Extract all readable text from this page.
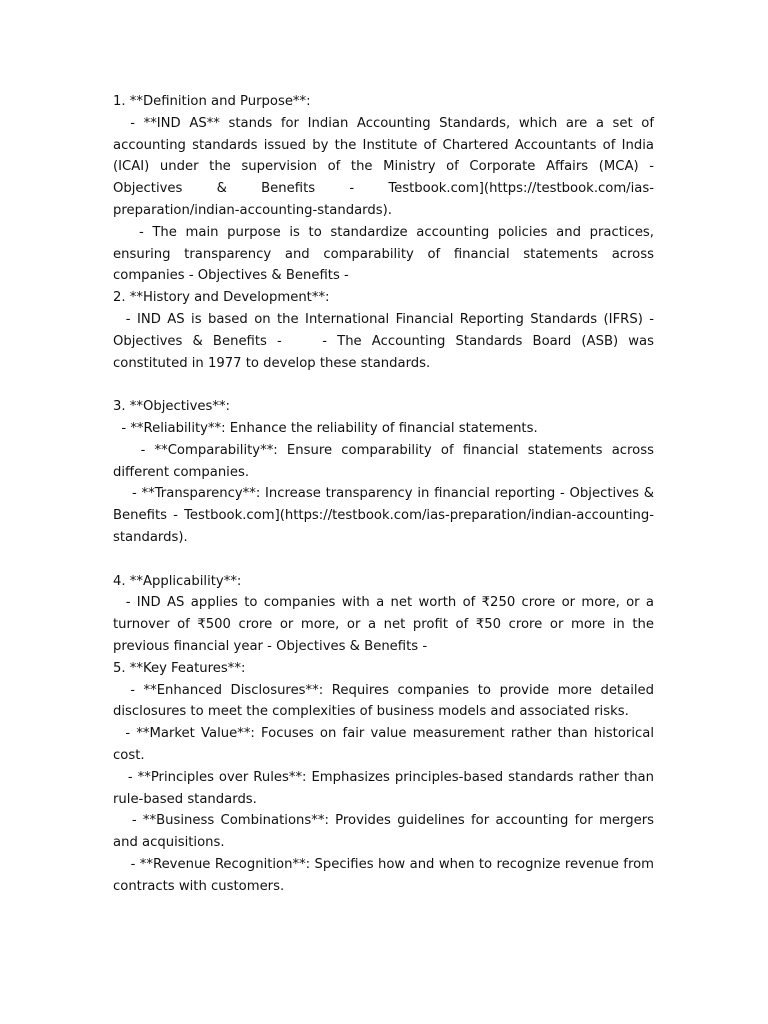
1. **Definition and Purpose**:
- **IND AS** stands for Indian Accounting Standards, which are a set of accounting standards issued by the Institute of Chartered Accountants of India (ICAI) under the supervision of the Ministry of Corporate Affairs (MCA) - Objectives & Benefits - Testbook.com](https://testbook.com/ias-preparation/indian-accounting-standards).
- The main purpose is to standardize accounting policies and practices, ensuring transparency and comparability of financial statements across companies - Objectives & Benefits -
2. **History and Development**:
- IND AS is based on the International Financial Reporting Standards (IFRS) - Objectives & Benefits -    - The Accounting Standards Board (ASB) was constituted in 1977 to develop these standards.
3. **Objectives**:
- **Reliability**: Enhance the reliability of financial statements.
- **Comparability**: Ensure comparability of financial statements across different companies.
- **Transparency**: Increase transparency in financial reporting - Objectives & Benefits - Testbook.com](https://testbook.com/ias-preparation/indian-accounting-standards).
4. **Applicability**:
- IND AS applies to companies with a net worth of ₹250 crore or more, or a turnover of ₹500 crore or more, or a net profit of ₹50 crore or more in the previous financial year - Objectives & Benefits -
5. **Key Features**:
- **Enhanced Disclosures**: Requires companies to provide more detailed disclosures to meet the complexities of business models and associated risks.
- **Market Value**: Focuses on fair value measurement rather than historical cost.
- **Principles over Rules**: Emphasizes principles-based standards rather than rule-based standards.
- **Business Combinations**: Provides guidelines for accounting for mergers and acquisitions.
- **Revenue Recognition**: Specifies how and when to recognize revenue from contracts with customers.
